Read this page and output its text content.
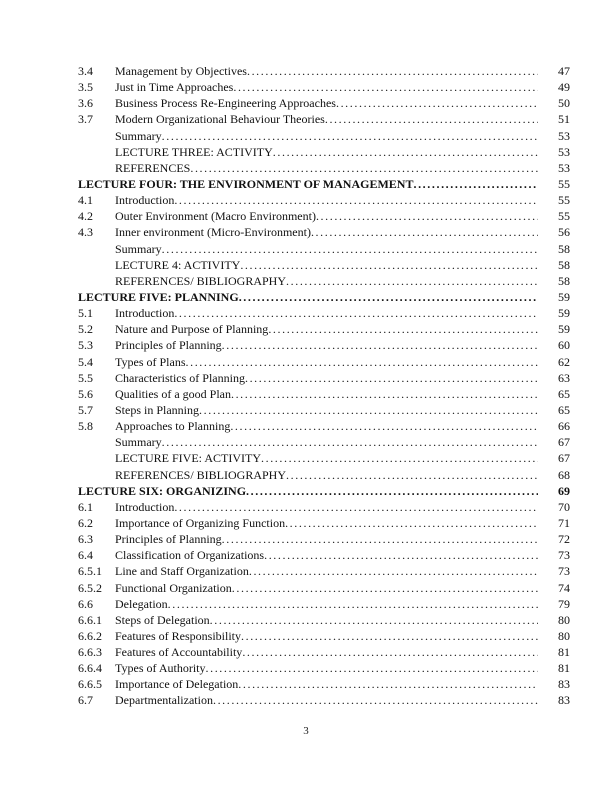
3.4	Management by Objectives .....	47
3.5	Just in Time Approaches .....	49
3.6	Business Process Re-Engineering Approaches .....	50
3.7	Modern Organizational Behaviour Theories .....	51
Summary .....	53
LECTURE THREE: ACTIVITY .....	53
REFERENCES .....	53
LECTURE FOUR: THE ENVIRONMENT OF MANAGEMENT .....	55
4.1	Introduction .....	55
4.2	Outer Environment (Macro Environment) .....	55
4.3	Inner environment (Micro-Environment) .....	56
Summary .....	58
LECTURE 4: ACTIVITY .....	58
REFERENCES/ BIBLIOGRAPHY .....	58
LECTURE FIVE: PLANNING .....	59
5.1	Introduction .....	59
5.2	Nature and Purpose of Planning .....	59
5.3	Principles of Planning .....	60
5.4	Types of Plans .....	62
5.5	Characteristics of Planning .....	63
5.6	Qualities of a good Plan .....	65
5.7	Steps in Planning .....	65
5.8	Approaches to Planning .....	66
Summary .....	67
LECTURE FIVE: ACTIVITY .....	67
REFERENCES/ BIBLIOGRAPHY .....	68
LECTURE SIX: ORGANIZING .....	69
6.1	Introduction .....	70
6.2	Importance of Organizing Function .....	71
6.3	Principles of Planning .....	72
6.4	Classification of Organizations .....	73
6.5.1	Line and Staff Organization .....	73
6.5.2	Functional Organization .....	74
6.6	Delegation .....	79
6.6.1	Steps of Delegation .....	80
6.6.2	Features of Responsibility .....	80
6.6.3	Features of Accountability .....	81
6.6.4	Types of Authority .....	81
6.6.5	Importance of Delegation .....	83
6.7	Departmentalization .....	83
3
